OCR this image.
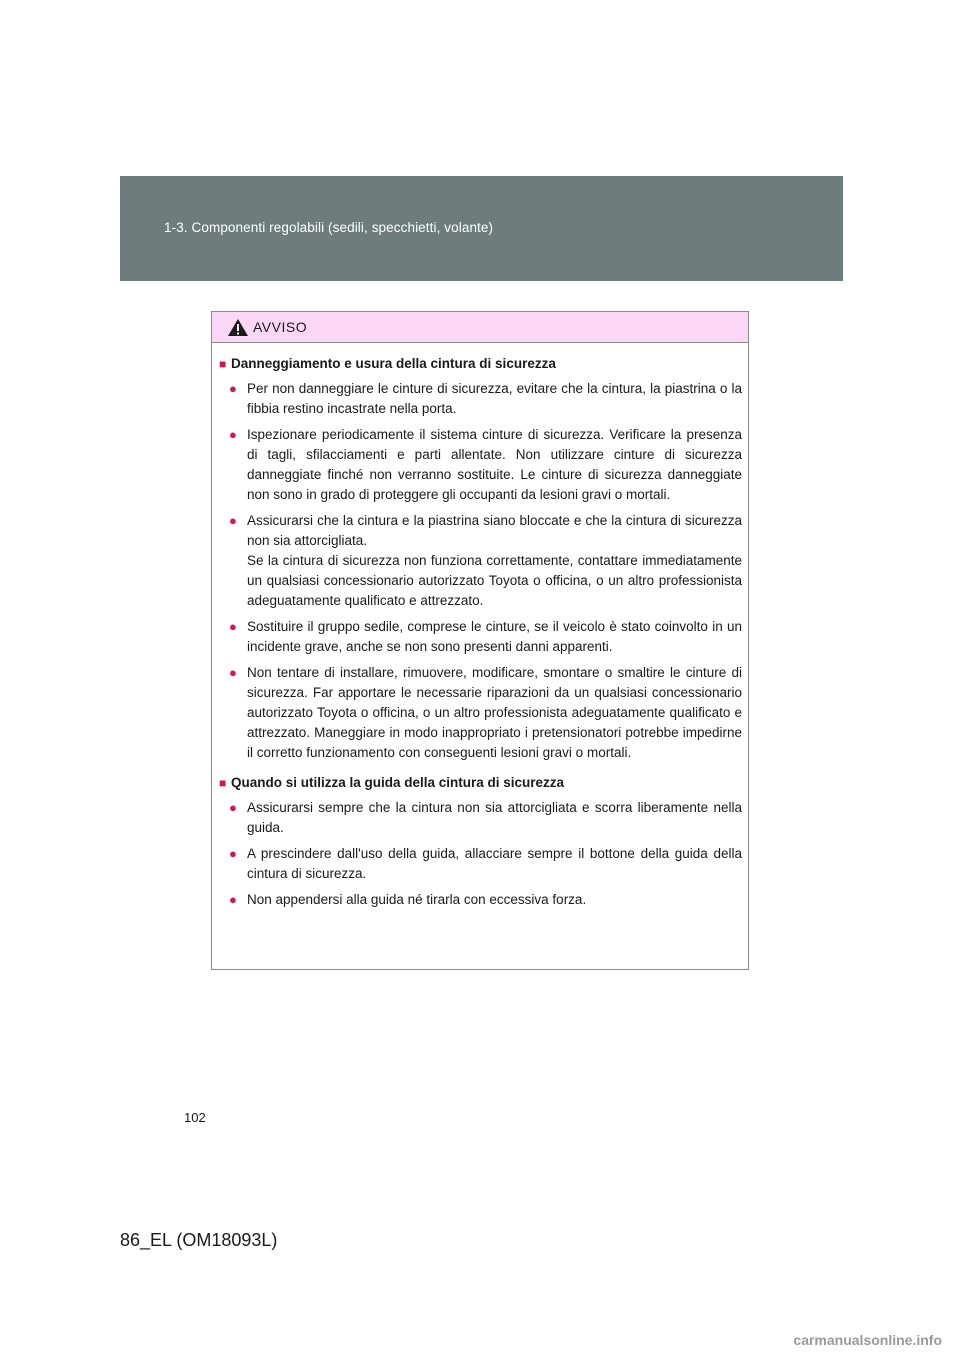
1-3. Componenti regolabili (sedili, specchietti, volante)
AVVISO
■ Danneggiamento e usura della cintura di sicurezza
● Per non danneggiare le cinture di sicurezza, evitare che la cintura, la piastrina o la fibbia restino incastrate nella porta.
● Ispezionare periodicamente il sistema cinture di sicurezza. Verificare la presenza di tagli, sfilacciamenti e parti allentate. Non utilizzare cinture di sicurezza danneggiate finché non verranno sostituite. Le cinture di sicurezza danneggiate non sono in grado di proteggere gli occupanti da lesioni gravi o mortali.
● Assicurarsi che la cintura e la piastrina siano bloccate e che la cintura di sicurezza non sia attorcigliata.
Se la cintura di sicurezza non funziona correttamente, contattare immediatamente un qualsiasi concessionario autorizzato Toyota o officina, o un altro professionista adeguatamente qualificato e attrezzato.
● Sostituire il gruppo sedile, comprese le cinture, se il veicolo è stato coinvolto in un incidente grave, anche se non sono presenti danni apparenti.
● Non tentare di installare, rimuovere, modificare, smontare o smaltire le cinture di sicurezza. Far apportare le necessarie riparazioni da un qualsiasi concessionario autorizzato Toyota o officina, o un altro professionista adeguatamente qualificato e attrezzato. Maneggiare in modo inappropriato i pretensionatori potrebbe impedirne il corretto funzionamento con conseguenti lesioni gravi o mortali.
■ Quando si utilizza la guida della cintura di sicurezza
● Assicurarsi sempre che la cintura non sia attorcigliata e scorra liberamente nella guida.
● A prescindere dall'uso della guida, allacciare sempre il bottone della guida della cintura di sicurezza.
● Non appendersi alla guida né tirarla con eccessiva forza.
102
86_EL (OM18093L)
carmanualsonline.info
